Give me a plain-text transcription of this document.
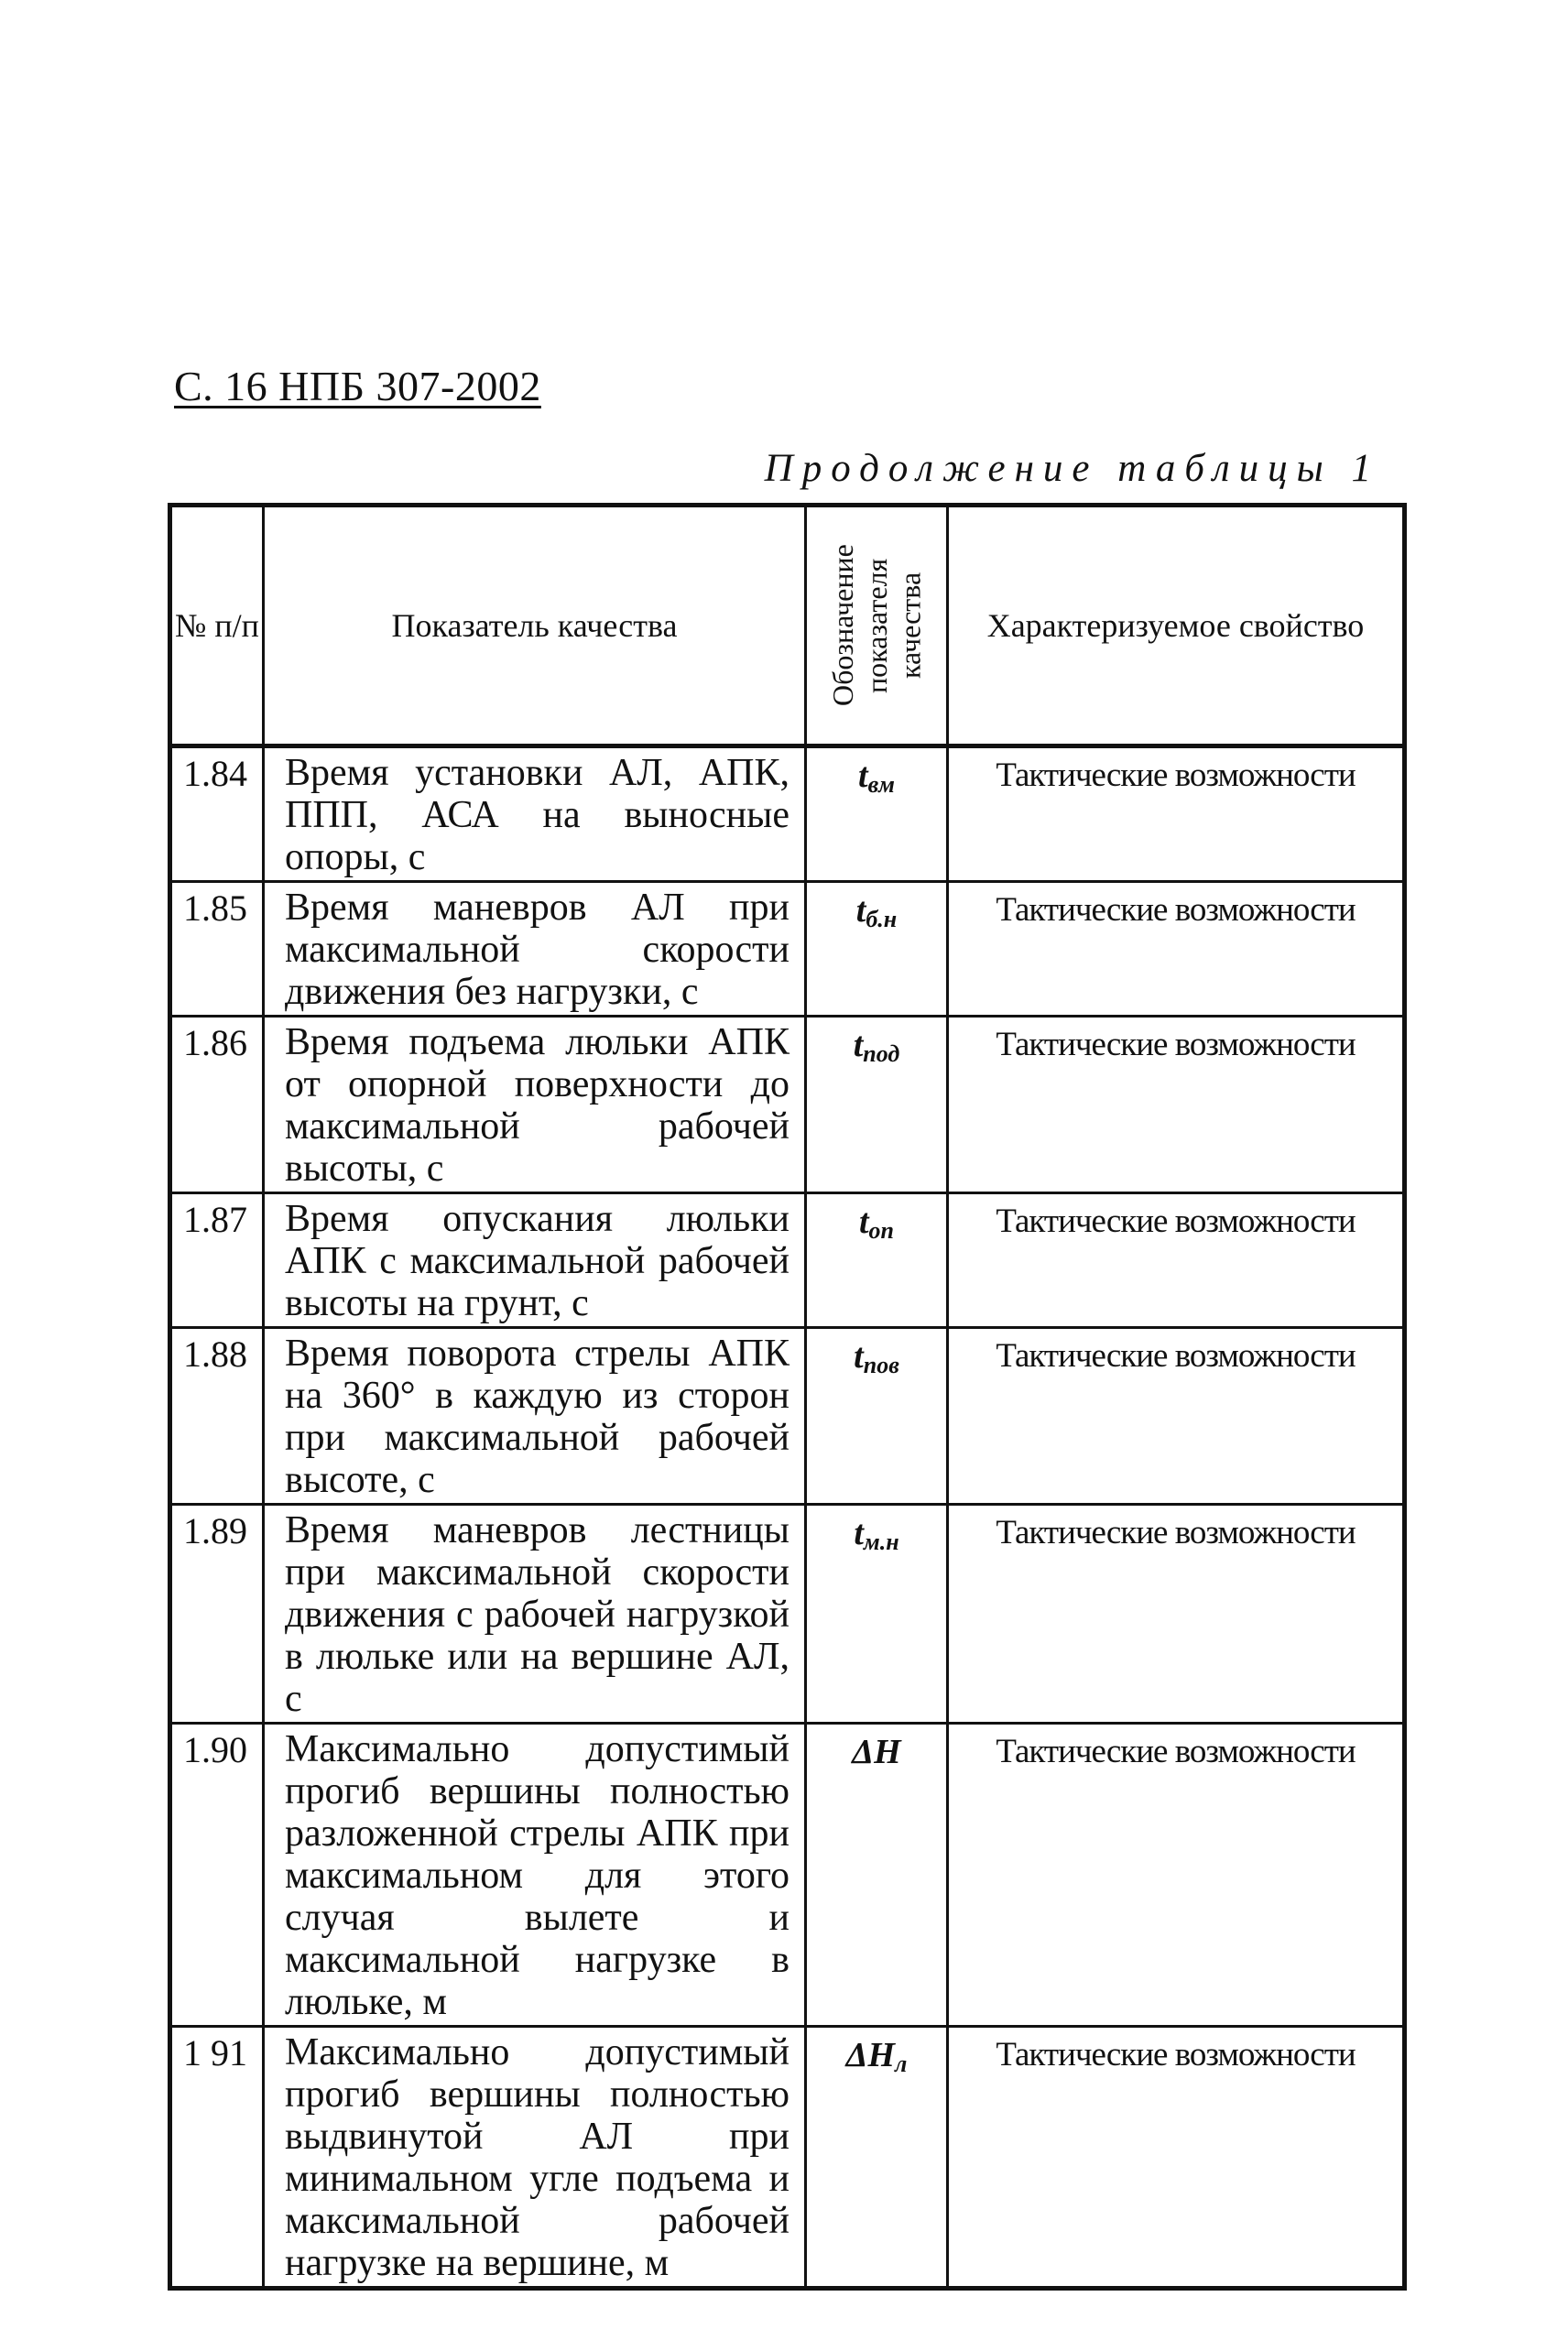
С. 16 НПБ 307-2002
Продолжение таблицы 1
№ п/п	Показатель качества	Обозначение показателя качества	Характеризуемое свойство
1.84	Время установки АЛ, АПК, ППП, АСА на выносные опоры, с	$t_{вм}$	Тактические возможности
1.85	Время маневров АЛ при максимальной скорости движения без нагрузки, с	$t_{б.н}$	Тактические возможности
1.86	Время подъема люльки АПК от опорной поверхности до максимальной рабочей высоты, с	$t_{под}$	Тактические возможности
1.87	Время опускания люльки АПК с максимальной рабочей высоты на грунт, с	$t_{оп}$	Тактические возможности
1.88	Время поворота стрелы АПК на 360° в каждую из сторон при максимальной рабочей высоте, с	$t_{пов}$	Тактические возможности
1.89	Время маневров лестницы при максимальной скорости движения с рабочей нагрузкой в люльке или на вершине АЛ, с	$t_{м.н}$	Тактические возможности
1.90	Максимально допустимый прогиб вершины полностью разложенной стрелы АПК при максимальном для этого случая вылете и максимальной нагрузке в люльке, м	ΔH	Тактические возможности
1 91	Максимально допустимый прогиб вершины полностью выдвинутой АЛ при минимальном угле подъема и максимальной рабочей нагрузке на вершине, м	$\Delta H_л$	Тактические возможности
